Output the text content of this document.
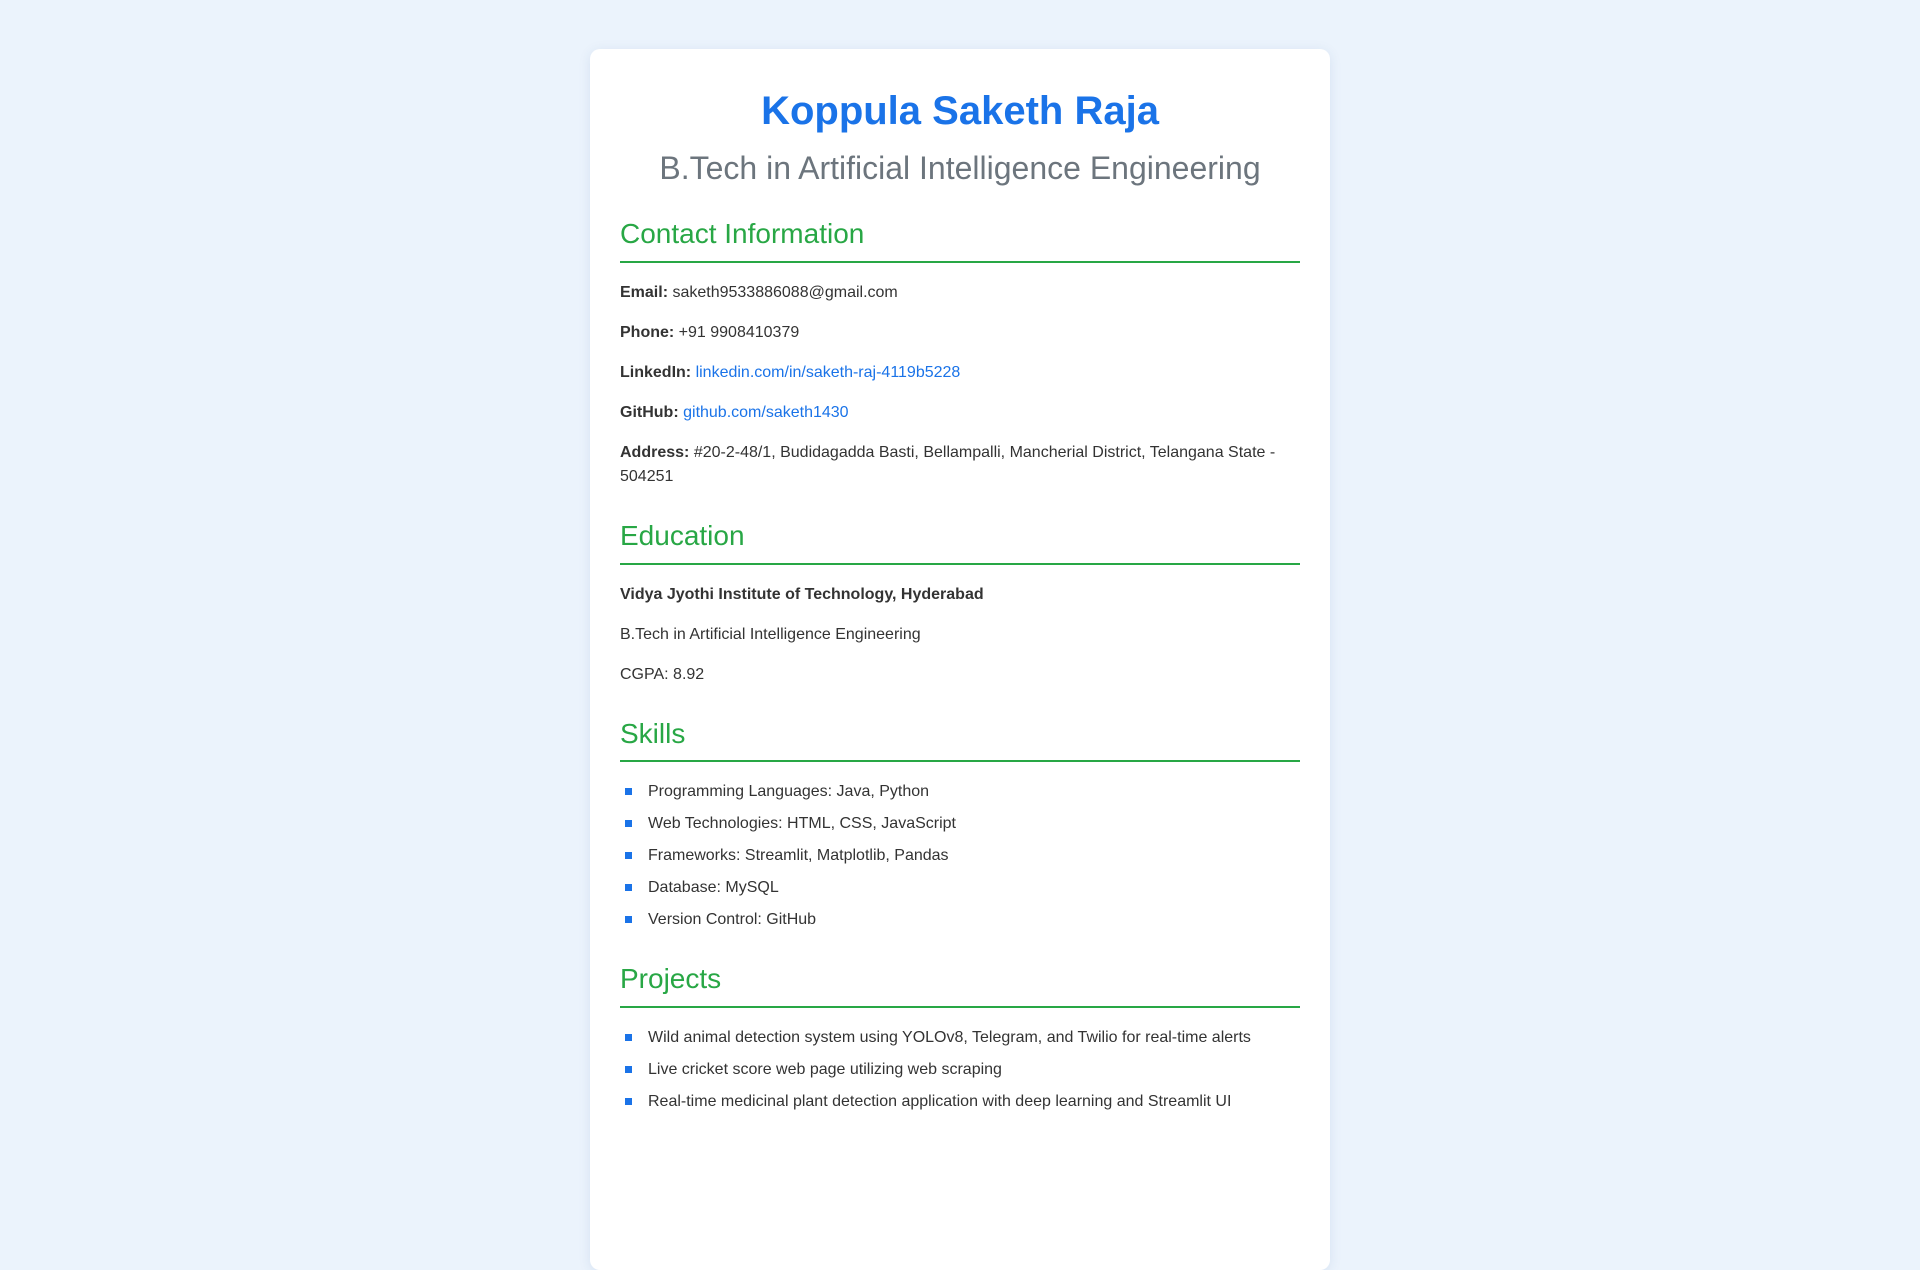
Koppula Saketh Raja
B.Tech in Artificial Intelligence Engineering
Contact Information

Email: saketh9533886088@gmail.com

Phone: +91 9908410379

LinkedIn: linkedin.com/in/saketh-raj-4119b5228

GitHub: github.com/saketh1430

Address: #20-2-48/1, Budidagadda Basti, Bellampalli, Mancherial District, Telangana State - 504251

Education

Vidya Jyothi Institute of Technology, Hyderabad

B.Tech in Artificial Intelligence Engineering

CGPA: 8.92

Skills
Programming Languages: Java, Python
Web Technologies: HTML, CSS, JavaScript
Frameworks: Streamlit, Matplotlib, Pandas
Database: MySQL
Version Control: GitHub
Projects
Wild animal detection system using YOLOv8, Telegram, and Twilio for real-time alerts
Live cricket score web page utilizing web scraping
Real-time medicinal plant detection application with deep learning and Streamlit UI
